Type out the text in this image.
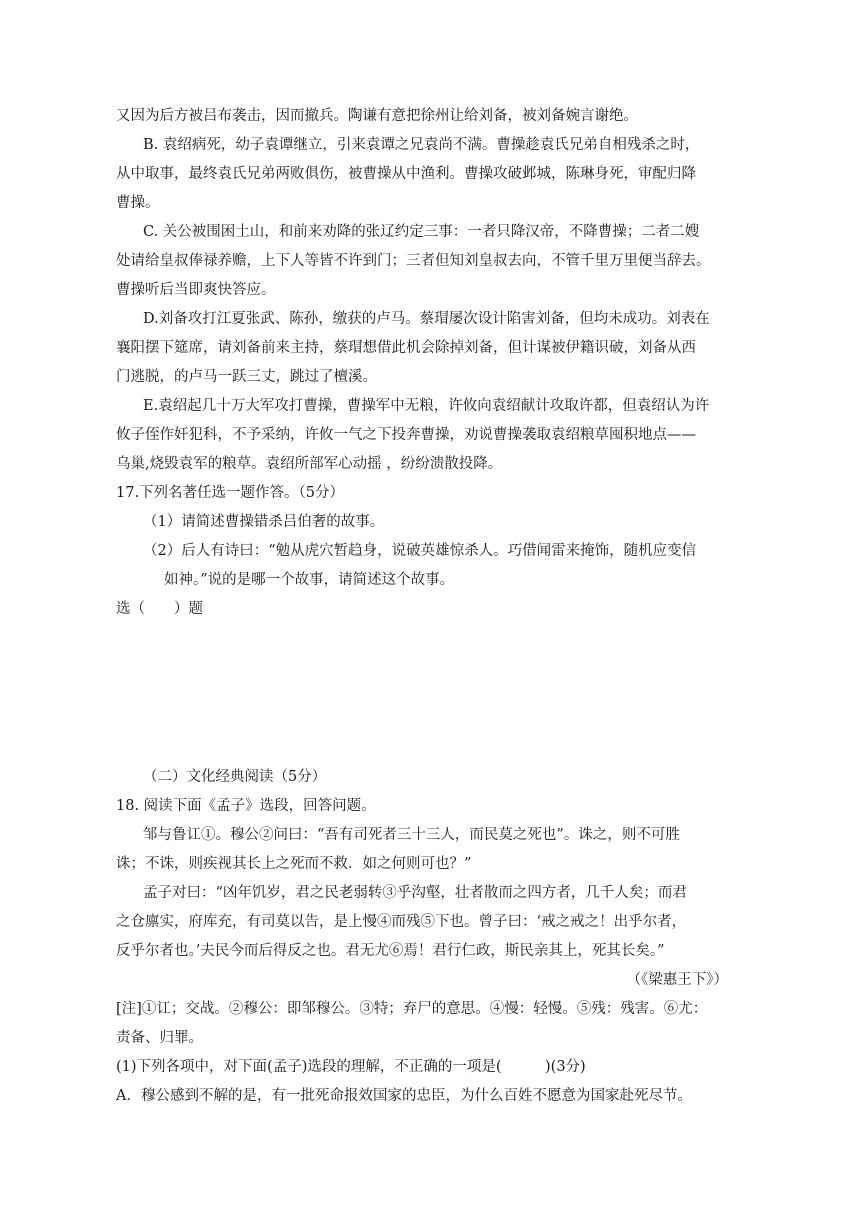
又因为后方被吕布袭击，因而撤兵。陶谦有意把徐州让给刘备，被刘备婉言谢绝。
B. 袁绍病死，幼子袁谭继立，引来袁谭之兄袁尚不满。曹操趁袁氏兄弟自相残杀之时，
从中取事，最终袁氏兄弟两败俱伤，被曹操从中渔利。曹操攻破邺城，陈琳身死，审配归降
曹操。
C. 关公被围困土山，和前来劝降的张辽约定三事：一者只降汉帝，不降曹操；二者二嫂
处请给皇叔俸禄养赡，上下人等皆不许到门；三者但知刘皇叔去向，不管千里万里便当辞去。
曹操听后当即爽快答应。
D.刘备攻打江夏张武、陈孙，缴获的卢马。蔡瑁屡次设计陷害刘备，但均未成功。刘表在
襄阳摆下筵席，请刘备前来主持，蔡瑁想借此机会除掉刘备，但计谋被伊籍识破，刘备从西
门逃脱，的卢马一跃三丈，跳过了檀溪。
E.袁绍起几十万大军攻打曹操，曹操军中无粮，许攸向袁绍献计攻取许都，但袁绍认为许
攸子侄作奸犯科，不予采纳，许攸一气之下投奔曹操，劝说曹操袭取袁绍粮草囤积地点——
乌巢,烧毁袁军的粮草。袁绍所部军心动摇 ，纷纷溃散投降。
17.下列名著任选一题作答。（5分）
（1）请简述曹操错杀吕伯奢的故事。
（2）后人有诗曰：“勉从虎穴暂趋身，说破英雄惊杀人。巧借闻雷来掩饰，随机应变信
如神。”说的是哪一个故事，请简述这个故事。
选（　　）题
（二）文化经典阅读（5分）
18. 阅读下面《孟子》选段，回答问题。
邹与鲁讧①。穆公②问曰：“吾有司死者三十三人，而民莫之死也”。诛之，则不可胜
诛；不诛，则疾视其长上之死而不救．如之何则可也？”
孟子对曰：“凶年饥岁，君之民老弱转③乎沟壑，壮者散而之四方者，几千人矣；而君
之仓廪实，府库充，有司莫以告，是上慢④而残⑤下也。曾子曰：‘戒之戒之！出乎尔者，
反乎尔者也。’夫民今而后得反之也。君无尤⑥焉！君行仁政，斯民亲其上，死其长矣。”
（《梁惠王下》）
[注]①讧；交战。②穆公：即邹穆公。③特；弃尸的意思。④慢：轻慢。⑤残：残害。⑥尤：
责备、归罪。
(1)下列各项中，对下面(孟子)选段的理解，不正确的一项是(　　　)(3分)
A．穆公感到不解的是，有一批死命报效国家的忠臣，为什么百姓不愿意为国家赴死尽节。
